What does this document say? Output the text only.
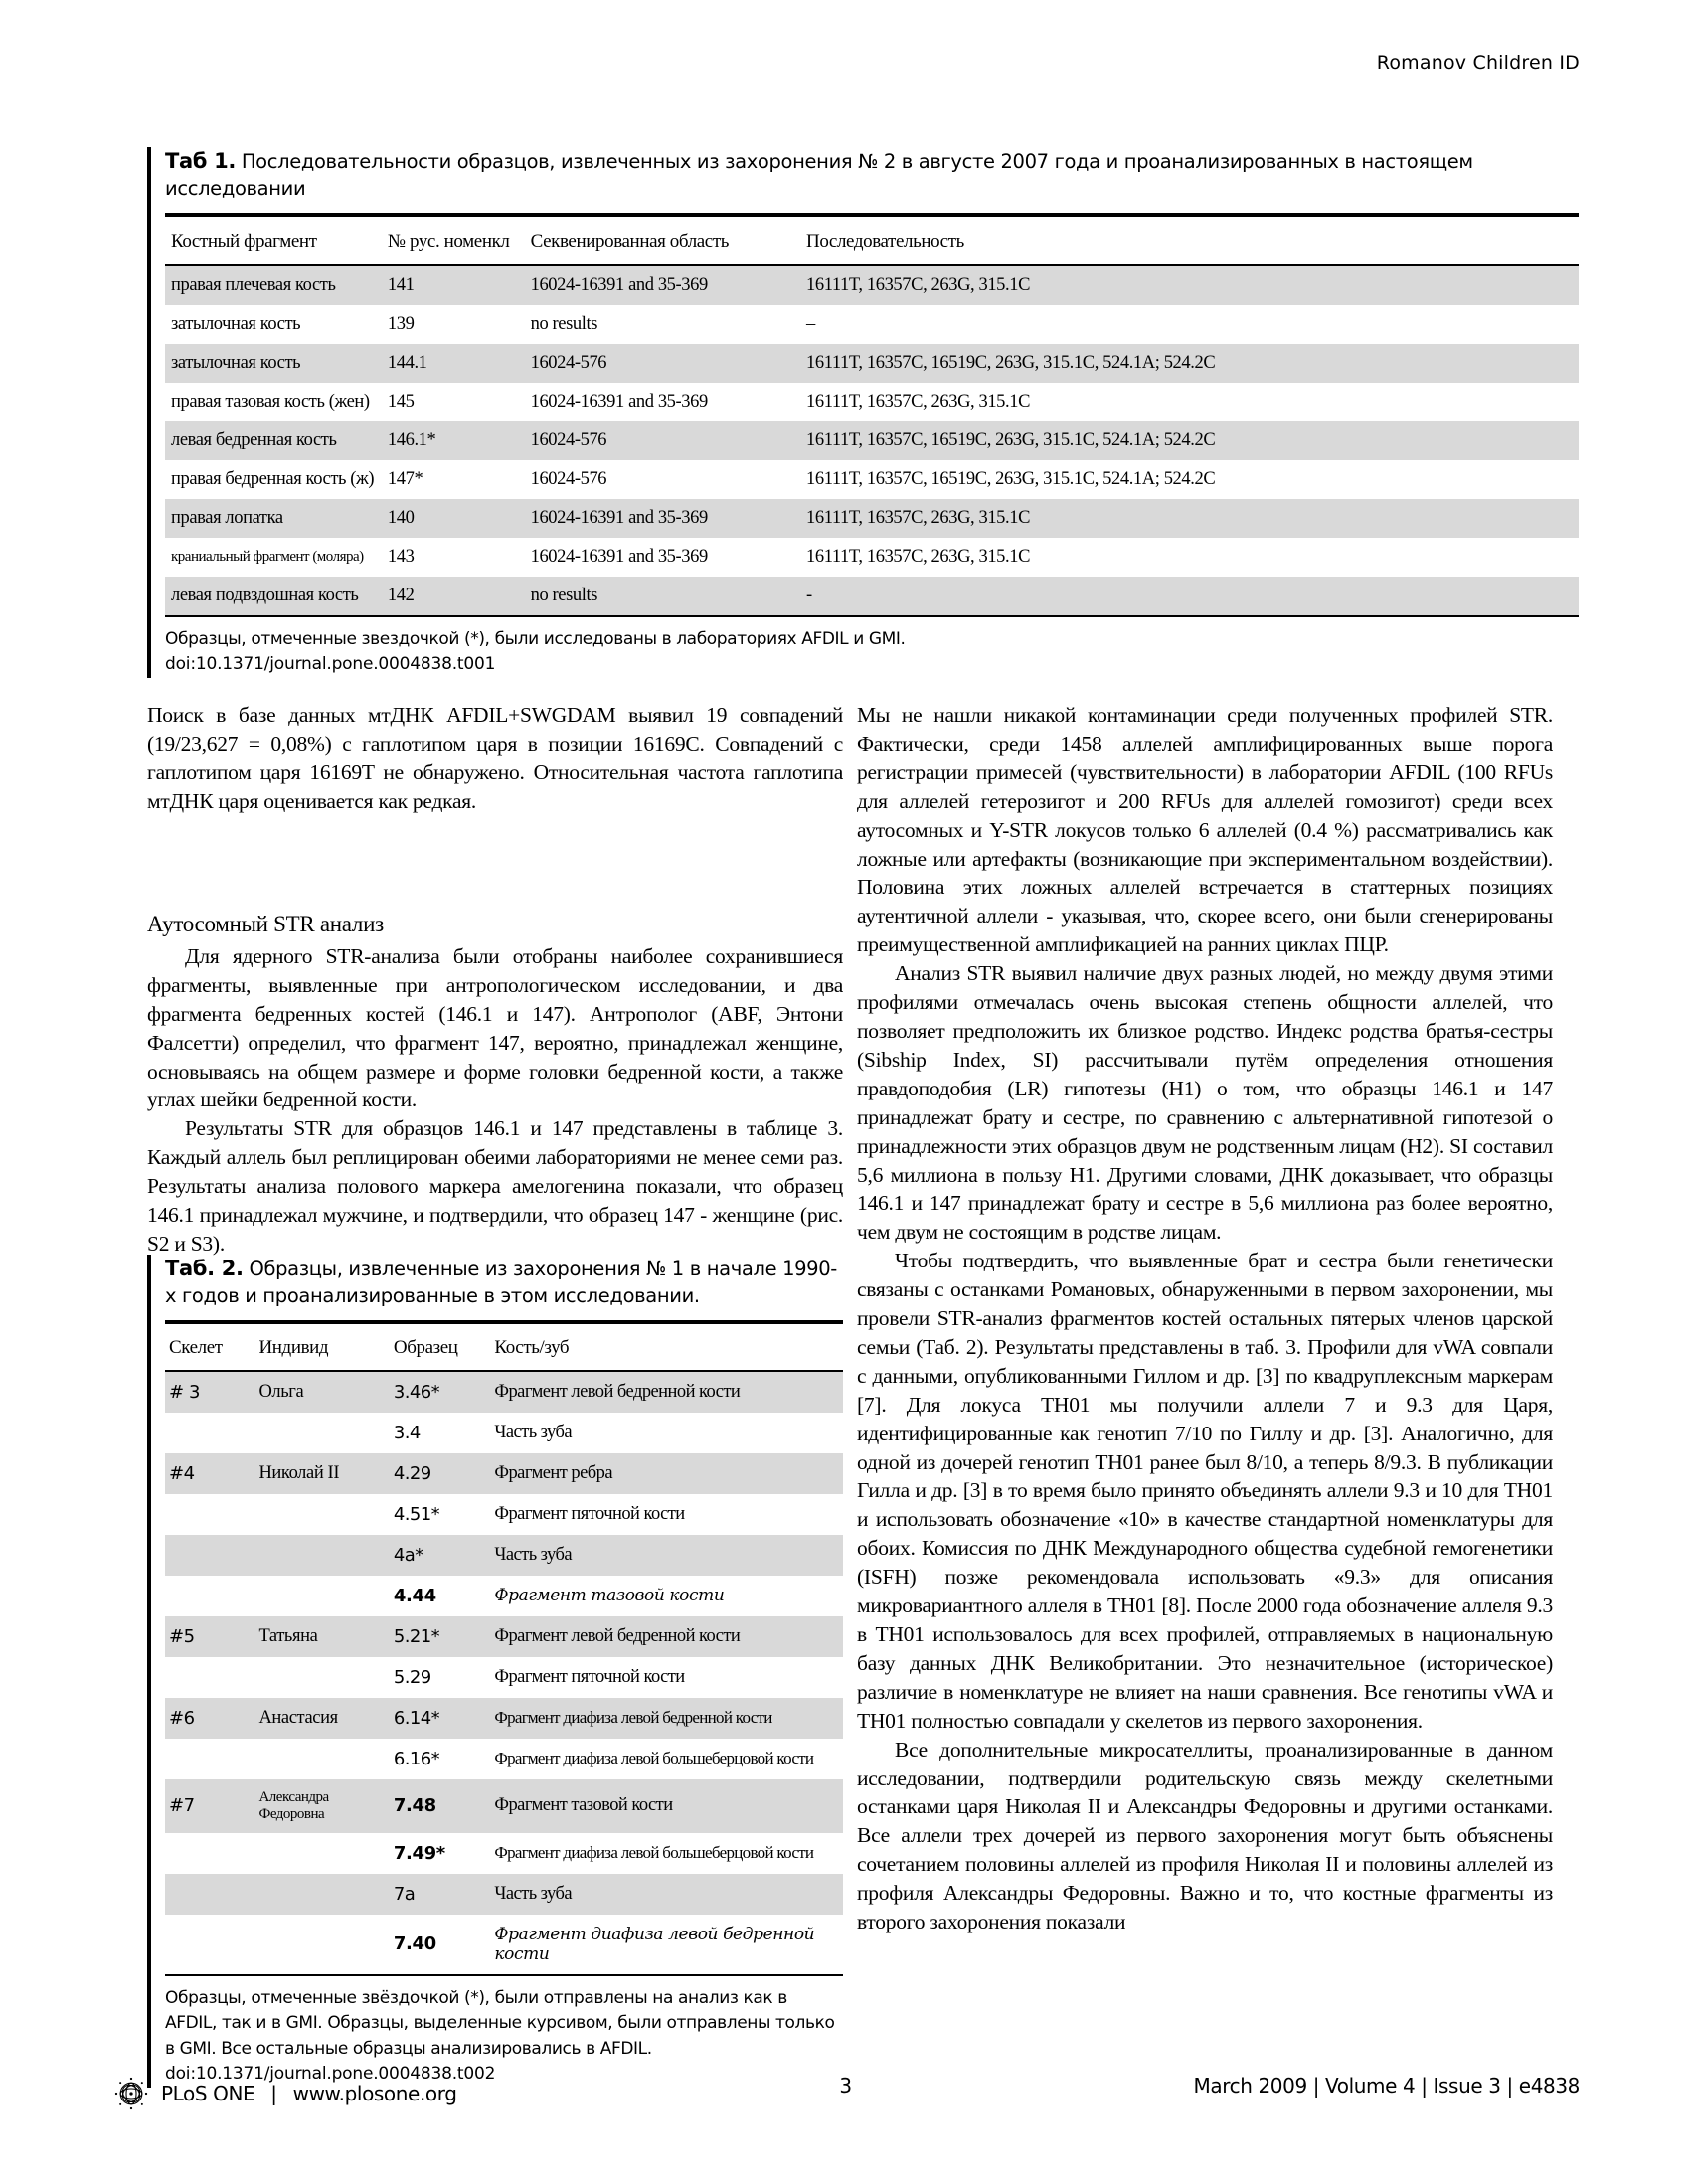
Romanov Children ID
Таб 1. Последовательности образцов, извлеченных из захоронения № 2 в августе 2007 года и проанализированных в настоящем исследовании
Костный фрагмент	№ рус. номенкл	Секвенированная область	Последовательность
правая плечевая кость	141	16024-16391 and 35-369	16111T, 16357C, 263G, 315.1C
затылочная кость	139	no results	–
затылочная кость	144.1	16024-576	16111T, 16357C, 16519C, 263G, 315.1C, 524.1A; 524.2C
правая тазовая кость (жен)	145	16024-16391 and 35-369	16111T, 16357C, 263G, 315.1C
левая бедренная кость	146.1*	16024-576	16111T, 16357C, 16519C, 263G, 315.1C, 524.1A; 524.2C
правая бедренная кость (ж)	147*	16024-576	16111T, 16357C, 16519C, 263G, 315.1C, 524.1A; 524.2C
правая лопатка	140	16024-16391 and 35-369	16111T, 16357C, 263G, 315.1C
краниальный фрагмент (моляра)	143	16024-16391 and 35-369	16111T, 16357C, 263G, 315.1C
левая подвздошная кость	142	no results	-
Образцы, отмеченные звездочкой (*), были исследованы в лабораториях AFDIL и GMI.
doi:10.1371/journal.pone.0004838.t001

Поиск в базе данных мтДНК AFDIL+SWGDAM выявил 19 совпадений (19/23,627 = 0,08%) с гаплотипом царя в позиции 16169C. Совпадений с гаплотипом царя 16169T не обнаружено. Относительная частота гаплотипа мтДНК царя оценивается как редкая.

Аутосомный STR анализ

Для ядерного STR-анализа были отобраны наиболее сохранившиеся фрагменты, выявленные при антропологическом исследовании, и два фрагмента бедренных костей (146.1 и 147). Антрополог (ABF, Энтони Фалсетти) определил, что фрагмент 147, вероятно, принадлежал женщине, основываясь на общем размере и форме головки бедренной кости, а также углах шейки бедренной кости.

Результаты STR для образцов 146.1 и 147 представлены в таблице 3. Каждый аллель был реплицирован обеими лабораториями не менее семи раз. Результаты анализа полового маркера амелогенина показали, что образец 146.1 принадлежал мужчине, и подтвердили, что образец 147 - женщине (рис. S2 и S3).

Таб. 2. Образцы, извлеченные из захоронения № 1 в начале 1990-х годов и проанализированные в этом исследовании.
Скелет	Индивид	Образец	Кость/зуб
# 3	Ольга	3.46*	Фрагмент левой бедренной кости
		3.4	Часть зуба
#4	Николай II	4.29	Фрагмент ребра
		4.51*	Фрагмент пяточной кости
		4a*	Часть зуба
		4.44	Фрагмент тазовой кости
#5	Татьяна	5.21*	Фрагмент левой бедренной кости
		5.29	Фрагмент пяточной кости
#6	Анастасия	6.14*	Фрагмент диафиза левой бедренной кости
		6.16*	Фрагмент диафиза левой большеберцовой кости
#7	Александра Федоровна	7.48	Фрагмент тазовой кости
		7.49*	Фрагмент диафиза левой большеберцовой кости
		7a	Часть зуба
		7.40	Фрагмент диафиза левой бедренной кости
Образцы, отмеченные звёздочкой (*), были отправлены на анализ как в AFDIL, так и в GMI. Образцы, выделенные курсивом, были отправлены только в GMI. Все остальные образцы анализировались в AFDIL.
doi:10.1371/journal.pone.0004838.t002

Мы не нашли никакой контаминации среди полученных профилей STR. Фактически, среди 1458 аллелей амплифицированных выше порога регистрации примесей (чувствительности) в лаборатории AFDIL (100 RFUs для аллелей гетерозигот и 200 RFUs для аллелей гомозигот) среди всех аутосомных и Y-STR локусов только 6 аллелей (0.4 %) рассматривались как ложные или артефакты (возникающие при экспериментальном воздействии). Половина этих ложных аллелей встречается в статтерных позициях аутентичной аллели - указывая, что, скорее всего, они были сгенерированы преимущественной амплификацией на ранних циклах ПЦР.

Анализ STR выявил наличие двух разных людей, но между двумя этими профилями отмечалась очень высокая степень общности аллелей, что позволяет предположить их близкое родство. Индекс родства братья-сестры (Sibship Index, SI) рассчитывали путём определения отношения правдоподобия (LR) гипотезы (H1) о том, что образцы 146.1 и 147 принадлежат брату и сестре, по сравнению с альтернативной гипотезой о принадлежности этих образцов двум не родственным лицам (H2). SI составил 5,6 миллиона в пользу H1. Другими словами, ДНК доказывает, что образцы 146.1 и 147 принадлежат брату и сестре в 5,6 миллиона раз более вероятно, чем двум не состоящим в родстве лицам.

Чтобы подтвердить, что выявленные брат и сестра были генетически связаны с останками Романовых, обнаруженными в первом захоронении, мы провели STR-анализ фрагментов костей остальных пятерых членов царской семьи (Таб. 2). Результаты представлены в таб. 3. Профили для vWA совпали с данными, опубликованными Гиллом и др. [3] по квадруплексным маркерам [7]. Для локуса TH01 мы получили аллели 7 и 9.3 для Царя, идентифицированные как генотип 7/10 по Гиллу и др. [3]. Аналогично, для одной из дочерей генотип TH01 ранее был 8/10, а теперь 8/9.3. В публикации Гилла и др. [3] в то время было принято объединять аллели 9.3 и 10 для TH01 и использовать обозначение «10» в качестве стандартной номенклатуры для обоих. Комиссия по ДНК Международного общества судебной гемогенетики (ISFH) позже рекомендовала использовать «9.3» для описания микровариантного аллеля в TH01 [8]. После 2000 года обозначение аллеля 9.3 в TH01 использовалось для всех профилей, отправляемых в национальную базу данных ДНК Великобритании. Это незначительное (историческое) различие в номенклатуре не влияет на наши сравнения. Все генотипы vWA и TH01 полностью совпадали у скелетов из первого захоронения.

Все дополнительные микросателлиты, проанализированные в данном исследовании, подтвердили родительскую связь между скелетными останками царя Николая II и Александры Федоровны и другими останками. Все аллели трех дочерей из первого захоронения могут быть объяснены сочетанием половины аллелей из профиля Николая II и половины аллелей из профиля Александры Федоровны. Важно и то, что костные фрагменты из второго захоронения показали

PLoS ONE | www.plosone.org	3	March 2009 | Volume 4 | Issue 3 | e4838
